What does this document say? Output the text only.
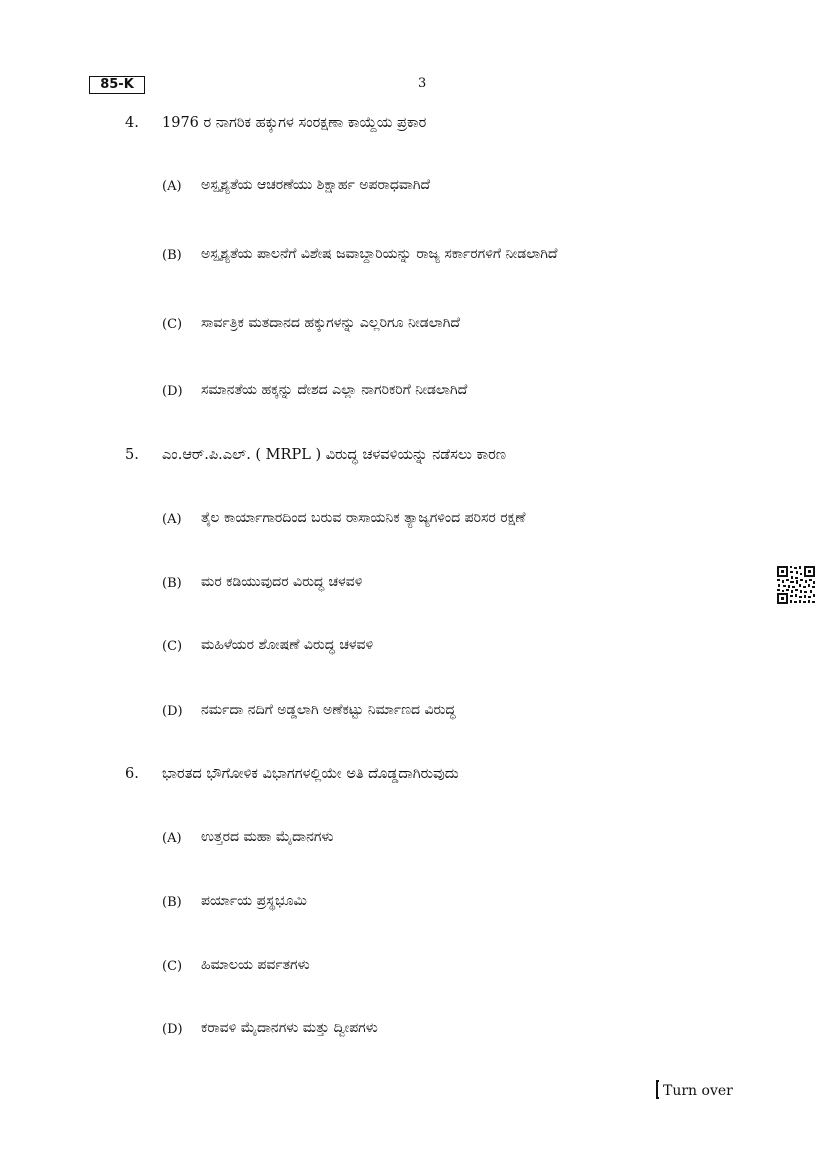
85-K	3
4. 1976 ರ ನಾಗರಿಕ ಹಕ್ಕುಗಳ ಸಂರಕ್ಷಣಾ ಕಾಯ್ದೆಯ ಪ್ರಕಾರ
(A) ಅಸ್ಪೃಶ್ಯತೆಯ ಆಚರಣೆಯು ಶಿಕ್ಷಾರ್ಹ ಅಪರಾಧವಾಗಿದೆ
(B) ಅಸ್ಪೃಶ್ಯತೆಯ ಪಾಲನೆಗೆ ವಿಶೇಷ ಜವಾಬ್ದಾರಿಯನ್ನು ರಾಜ್ಯ ಸರ್ಕಾರಗಳಿಗೆ ನೀಡಲಾಗಿದೆ
(C) ಸಾರ್ವತ್ರಿಕ ಮತದಾನದ ಹಕ್ಕುಗಳನ್ನು ಎಲ್ಲರಿಗೂ ನೀಡಲಾಗಿದೆ
(D) ಸಮಾನತೆಯ ಹಕ್ಕನ್ನು ದೇಶದ ಎಲ್ಲಾ ನಾಗರಿಕರಿಗೆ ನೀಡಲಾಗಿದೆ
5. ಎಂ.ಆರ್.ಪಿ.ಎಲ್. ( MRPL ) ವಿರುದ್ಧ ಚಳವಳಿಯನ್ನು ನಡೆಸಲು ಕಾರಣ
(A) ತೈಲ ಕಾರ್ಯಾಗಾರದಿಂದ ಬರುವ ರಾಸಾಯನಿಕ ತ್ಯಾಜ್ಯಗಳಿಂದ ಪರಿಸರ ರಕ್ಷಣೆ
(B) ಮರ ಕಡಿಯುವುದರ ವಿರುದ್ಧ ಚಳವಳಿ
(C) ಮಹಿಳೆಯರ ಶೋಷಣೆ ವಿರುದ್ಧ ಚಳವಳಿ
(D) ನರ್ಮದಾ ನದಿಗೆ ಅಡ್ಡಲಾಗಿ ಅಣೆಕಟ್ಟು ನಿರ್ಮಾಣದ ವಿರುದ್ಧ
6. ಭಾರತದ ಭೌಗೋಳಿಕ ವಿಭಾಗಗಳಲ್ಲಿಯೇ ಅತಿ ದೊಡ್ಡದಾಗಿರುವುದು
(A) ಉತ್ತರದ ಮಹಾ ಮೈದಾನಗಳು
(B) ಪರ್ಯಾಯ ಪ್ರಸ್ಥಭೂಮಿ
(C) ಹಿಮಾಲಯ ಪರ್ವತಗಳು
(D) ಕರಾವಳಿ ಮೈದಾನಗಳು ಮತ್ತು ದ್ವೀಪಗಳು
Turn over
